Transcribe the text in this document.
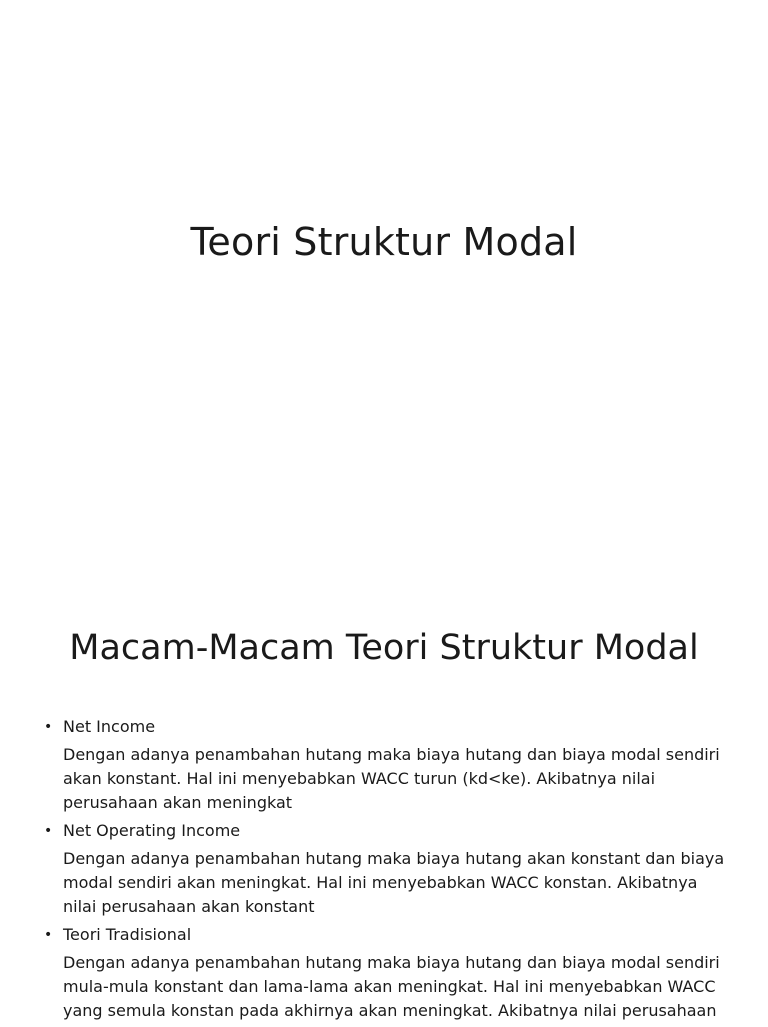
Teori Struktur Modal
Macam-Macam Teori Struktur Modal
• Net Income

Dengan adanya penambahan hutang maka biaya hutang dan biaya modal sendiri
akan konstant. Hal ini menyebabkan WACC turun (kd<ke). Akibatnya nilai
perusahaan akan meningkat

• Net Operating Income

Dengan adanya penambahan hutang maka biaya hutang akan konstant dan biaya
modal sendiri akan meningkat. Hal ini menyebabkan WACC konstan. Akibatnya
nilai perusahaan akan konstant

• Teori Tradisional

Dengan adanya penambahan hutang maka biaya hutang dan biaya modal sendiri
mula-mula konstant dan lama-lama akan meningkat. Hal ini menyebabkan WACC
yang semula konstan pada akhirnya akan meningkat. Akibatnya nilai perusahaan
